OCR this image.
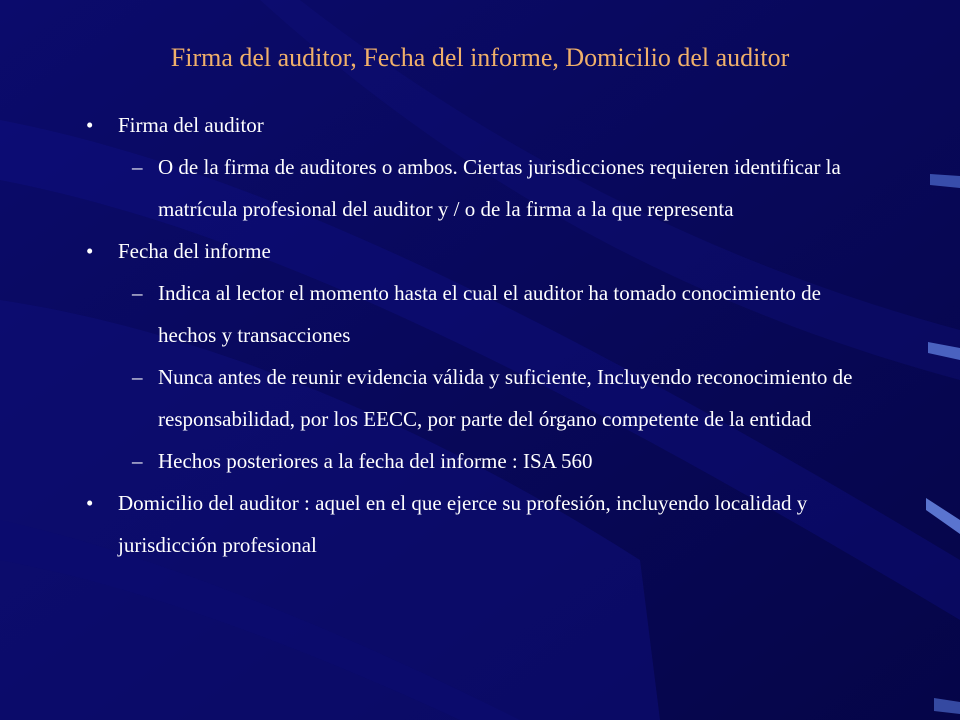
Firma del auditor, Fecha del informe, Domicilio del auditor
• Firma del auditor
– O de la firma de auditores o ambos. Ciertas jurisdicciones requieren identificar la matrícula profesional del auditor y / o de la firma a la que representa
• Fecha del informe
– Indica al lector el momento hasta el cual el auditor ha tomado conocimiento de hechos y transacciones
– Nunca antes de reunir evidencia válida y suficiente, Incluyendo reconocimiento de responsabilidad, por los EECC, por parte del órgano competente de la entidad
– Hechos posteriores a la fecha del informe : ISA 560
• Domicilio del auditor : aquel en el que ejerce su profesión, incluyendo localidad y jurisdicción profesional
